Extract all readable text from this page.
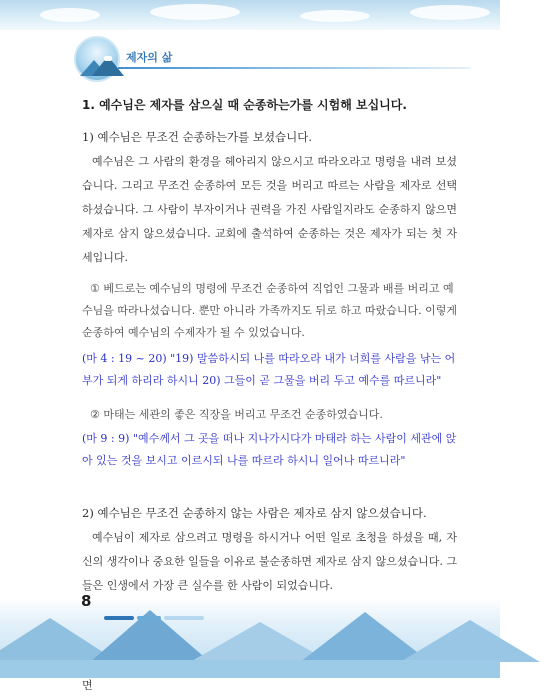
제자의 삶
1. 예수님은 제자를 삼으실 때 순종하는가를 시험해 보십니다.
1) 예수님은 무조건 순종하는가를 보셨습니다.
예수님은 그 사람의 환경을 헤아리지 않으시고 따라오라고 명령을 내려 보셨습니다. 그리고 무조건 순종하여 모든 것을 버리고 따르는 사람을 제자로 선택하셨습니다. 그 사람이 부자이거나 권력을 가진 사람일지라도 순종하지 않으면 제자로 삼지 않으셨습니다. 교회에 출석하여 순종하는 것은 제자가 되는 첫 자세입니다.
① 베드로는 예수님의 명령에 무조건 순종하여 직업인 그물과 배를 버리고 예수님을 따라나섰습니다. 뿐만 아니라 가족까지도 뒤로 하고 따랐습니다. 이렇게 순종하여 예수님의 수제자가 될 수 있었습니다.
(마 4 : 19 ~ 20) "19) 말씀하시되 나를 따라오라 내가 너희를 사람을 낚는 어부가 되게 하리라 하시니 20) 그들이 곧 그물을 버리 두고 예수를 따르니라"
② 마태는 세관의 좋은 직장을 버리고 무조건 순종하였습니다.
(마 9 : 9) "예수께서 그 곳을 떠나 지나가시다가 마태라 하는 사람이 세관에 앉아 있는 것을 보시고 이르시되 나를 따르라 하시니 일어나 따르니라"
2) 예수님은 무조건 순종하지 않는 사람은 제자로 삼지 않으셨습니다.
예수님이 제자로 삼으려고 명령을 하시거나 어떤 일로 초청을 하셨을 때, 자신의 생각이나 중요한 일들을 이유로 불순종하면 제자로 삼지 않으셨습니다. 그들은 인생에서 가장 큰 실수를 한 사람이 되었습니다.
면
8
